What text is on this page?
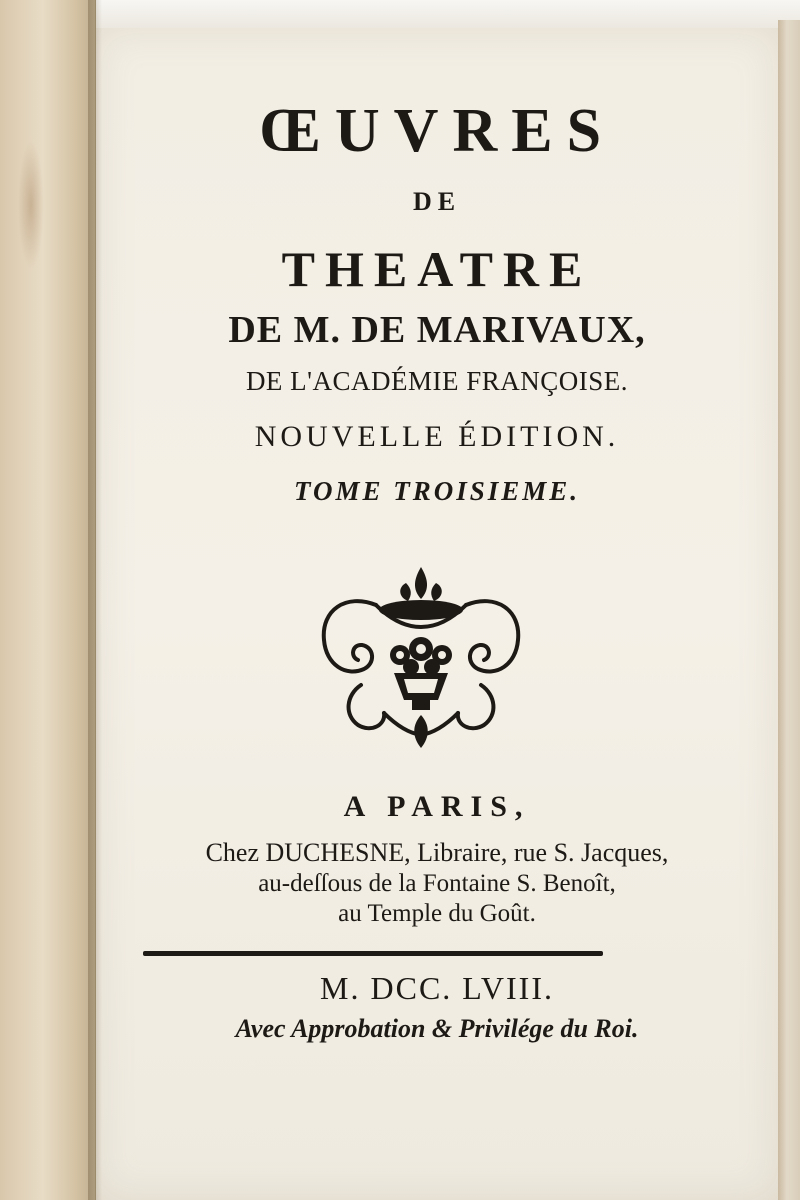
ŒUVRES
DE
THEATRE
DE M. DE MARIVAUX,
DE L'ACADÉMIE FRANÇOISE.
NOUVELLE ÉDITION.
TOME TROISIEME.
A PARIS,
Chez DUCHESNE, Libraire, rue S. Jacques,
au-deſſous de la Fontaine S. Benoît,
au Temple du Goût.
M. DCC. LVIII.
Avec Approbation & Privilége du Roi.
